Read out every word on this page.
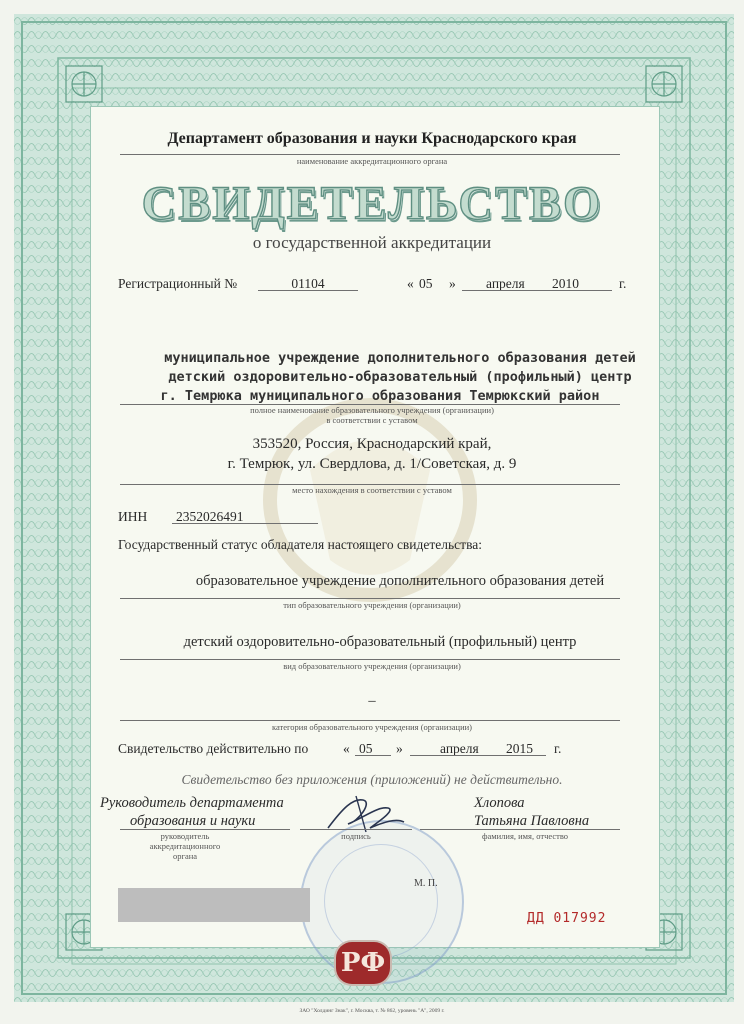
Департамент образования и науки Краснодарского края
наименование аккредитационного органа
СВИДЕТЕЛЬСТВО
о государственной аккредитации
Регистрационный №	01104	« 05 » апреля 2010	г.
муниципальное учреждение дополнительного образования детей
детский оздоровительно-образовательный (профильный) центр
г. Темрюка муниципального образования Темрюкский район
полное наименование образовательного учреждения (организации)
в соответствии с уставом
353520, Россия, Краснодарский край,
г. Темрюк, ул. Свердлова, д. 1/Советская, д. 9
место нахождения в соответствии с уставом
ИНН 2352026491
Государственный статус обладателя настоящего свидетельства:
образовательное учреждение дополнительного образования детей
тип образовательного учреждения (организации)
детский оздоровительно-образовательный (профильный) центр
вид образовательного учреждения (организации)
–
категория образовательного учреждения (организации)
Свидетельство действительно по	« 05 »	апреля 2015 г.
Свидетельство без приложения (приложений) не действительно.
Руководитель департамента
образования и науки
руководитель
аккредитационного
органа
подпись
Хлопова
Татьяна Павловна
фамилия, имя, отчество
М. П.
ДД 017992
РФ
ЗАО "Холдинг Знак", г. Москва, т. № 862, уровень "А", 2009 г.
